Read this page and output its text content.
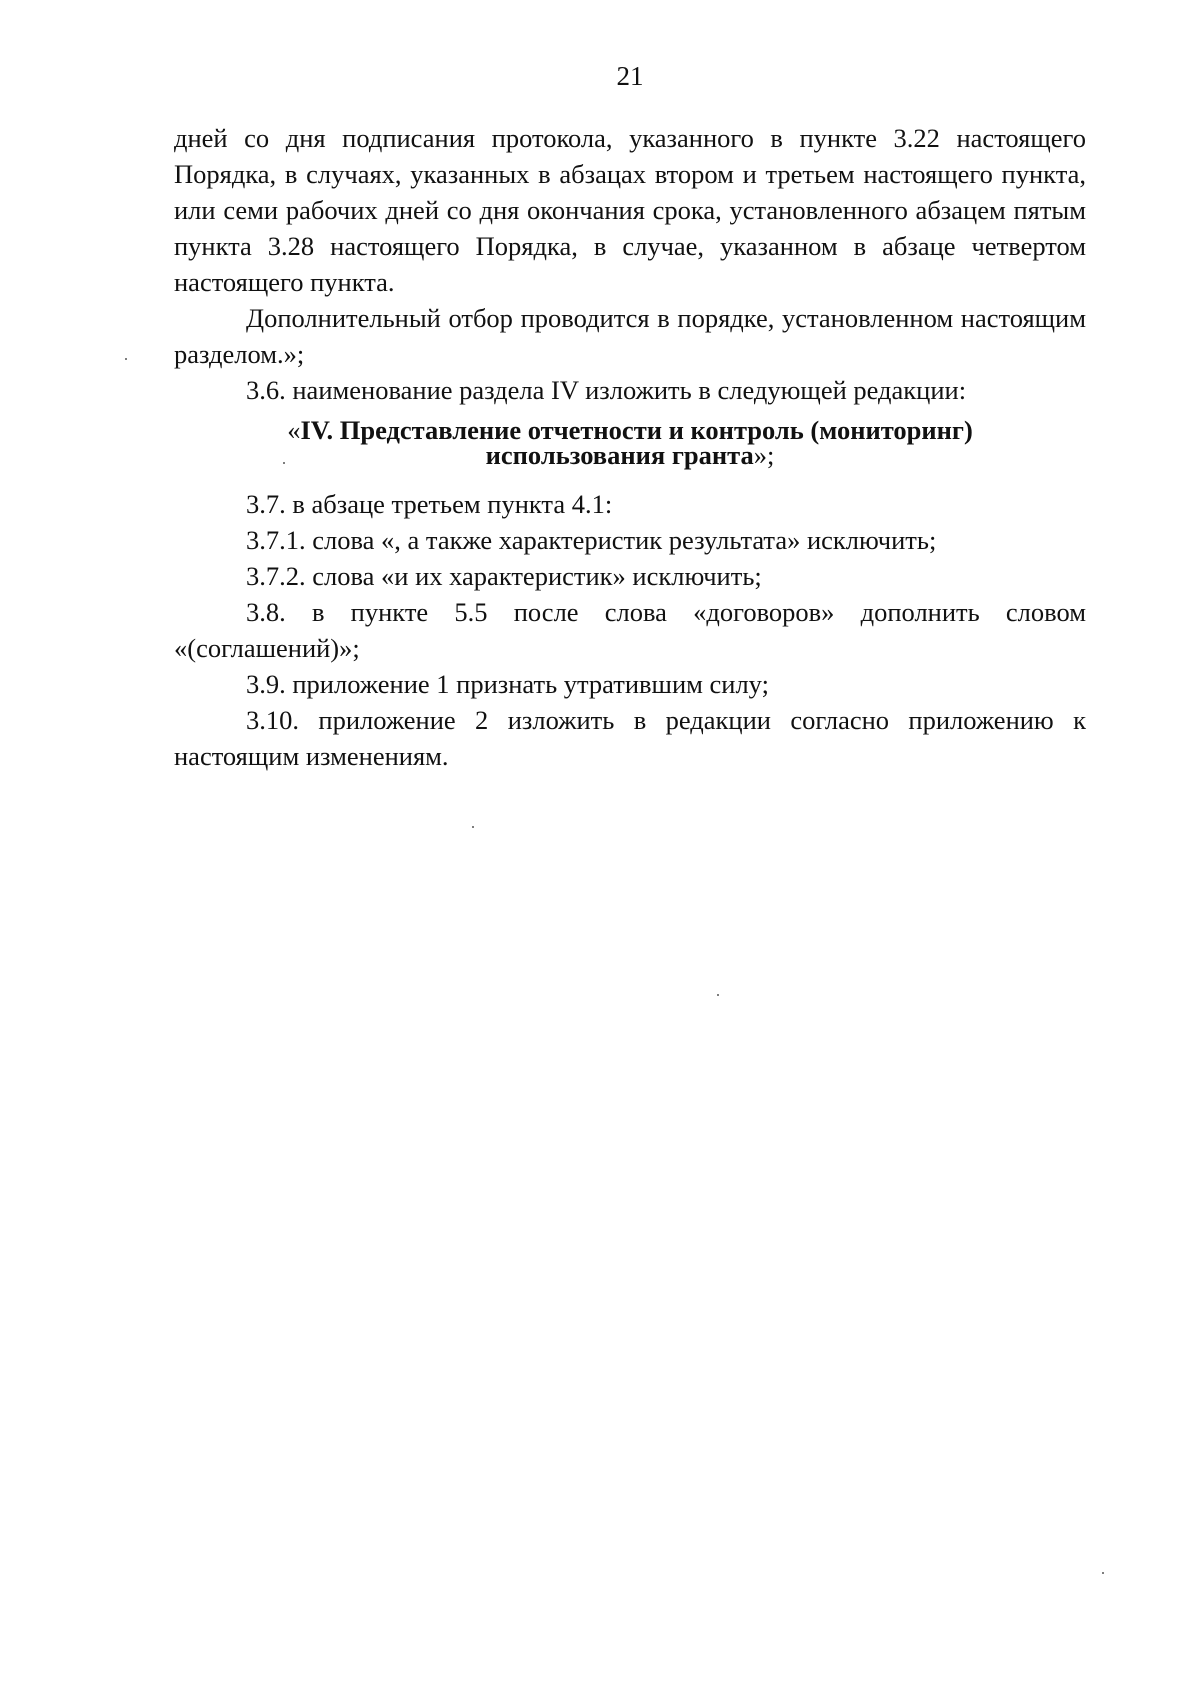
21

дней со дня подписания протокола, указанного в пункте 3.22 настоящего Порядка, в случаях, указанных в абзацах втором и третьем настоящего пункта, или семи рабочих дней со дня окончания срока, установленного абзацем пятым пункта 3.28 настоящего Порядка, в случае, указанном в абзаце четвертом настоящего пункта.

Дополнительный отбор проводится в порядке, установленном настоящим разделом.»;

3.6. наименование раздела IV изложить в следующей редакции:

«IV. Представление отчетности и контроль (мониторинг)
использования гранта»;

3.7. в абзаце третьем пункта 4.1:

3.7.1. слова «, а также характеристик результата» исключить;

3.7.2. слова «и их характеристик» исключить;

3.8. в пункте 5.5 после слова «договоров» дополнить словом «(соглашений)»;

3.9. приложение 1 признать утратившим силу;

3.10. приложение 2 изложить в редакции согласно приложению к настоящим изменениям.
